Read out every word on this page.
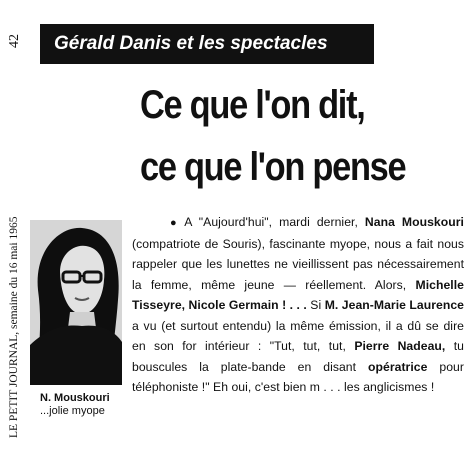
42
LE PETIT JOURNAL, semaine du 16 mai 1965
Gérald Danis et les spectacles
Ce que l'on dit,
ce que l'on pense
N. Mouskouri
...jolie myope

● A "Aujourd'hui", mardi dernier, Nana Mouskouri (compatriote de Souris), fascinante myope, nous a fait nous rappeler que les lunettes ne vieillissent pas nécessairement la femme, même jeune — réellement. Alors, Michelle Tisseyre, Nicole Germain ! . . . Si M. Jean-Marie Laurence a vu (et surtout entendu) la même émission, il a dû se dire en son for intérieur : "Tut, tut, tut, Pierre Nadeau, tu bouscules la plate-bande en disant opératrice pour téléphoniste !" Eh oui, c'est bien m . . . les anglicismes !
